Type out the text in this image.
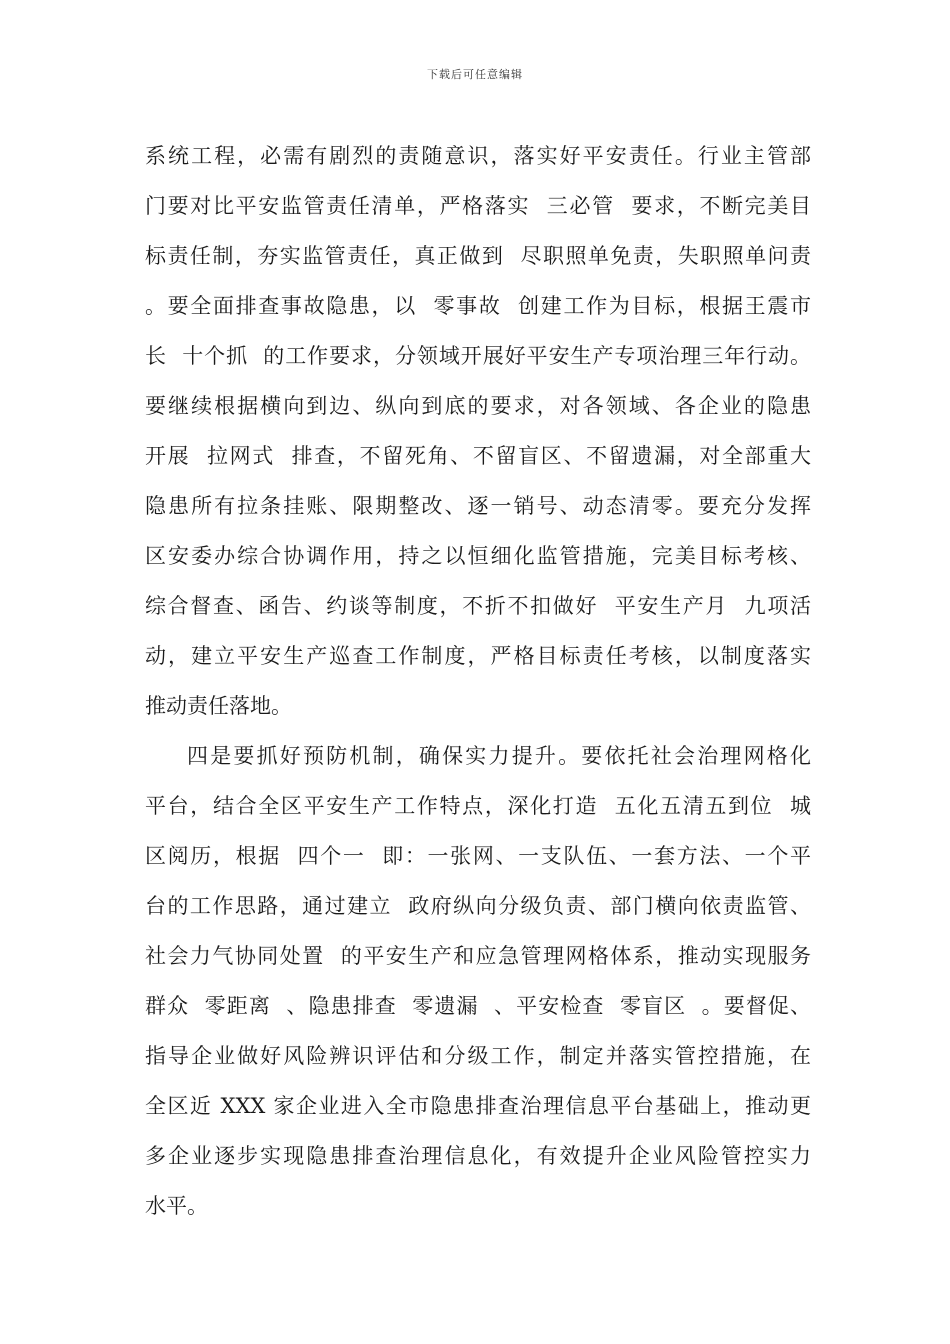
下载后可任意编辑
系统工程，必需有剧烈的责随意识，落实好平安责任。行业主管部
门要对比平安监管责任清单，严格落实  三必管  要求，不断完美目
标责任制，夯实监管责任，真正做到  尽职照单免责，失职照单问责
。要全面排查事故隐患，以  零事故  创建工作为目标，根据王震市
长  十个抓  的工作要求，分领域开展好平安生产专项治理三年行动。
要继续根据横向到边、纵向到底的要求，对各领域、各企业的隐患
开展  拉网式  排查，不留死角、不留盲区、不留遗漏，对全部重大
隐患所有拉条挂账、限期整改、逐一销号、动态清零。要充分发挥
区安委办综合协调作用，持之以恒细化监管措施，完美目标考核、
综合督查、函告、约谈等制度，不折不扣做好  平安生产月  九项活
动，建立平安生产巡查工作制度，严格目标责任考核，以制度落实
推动责任落地。
四是要抓好预防机制，确保实力提升。要依托社会治理网格化
平台，结合全区平安生产工作特点，深化打造  五化五清五到位  城
区阅历，根据  四个一  即：一张网、一支队伍、一套方法、一个平
台的工作思路，通过建立  政府纵向分级负责、部门横向依责监管、
社会力气协同处置  的平安生产和应急管理网格体系，推动实现服务
群众  零距离  、隐患排查  零遗漏  、平安检查  零盲区  。要督促、
指导企业做好风险辨识评估和分级工作，制定并落实管控措施，在
全区近 XXX 家企业进入全市隐患排查治理信息平台基础上，推动更
多企业逐步实现隐患排查治理信息化，有效提升企业风险管控实力
水平。
